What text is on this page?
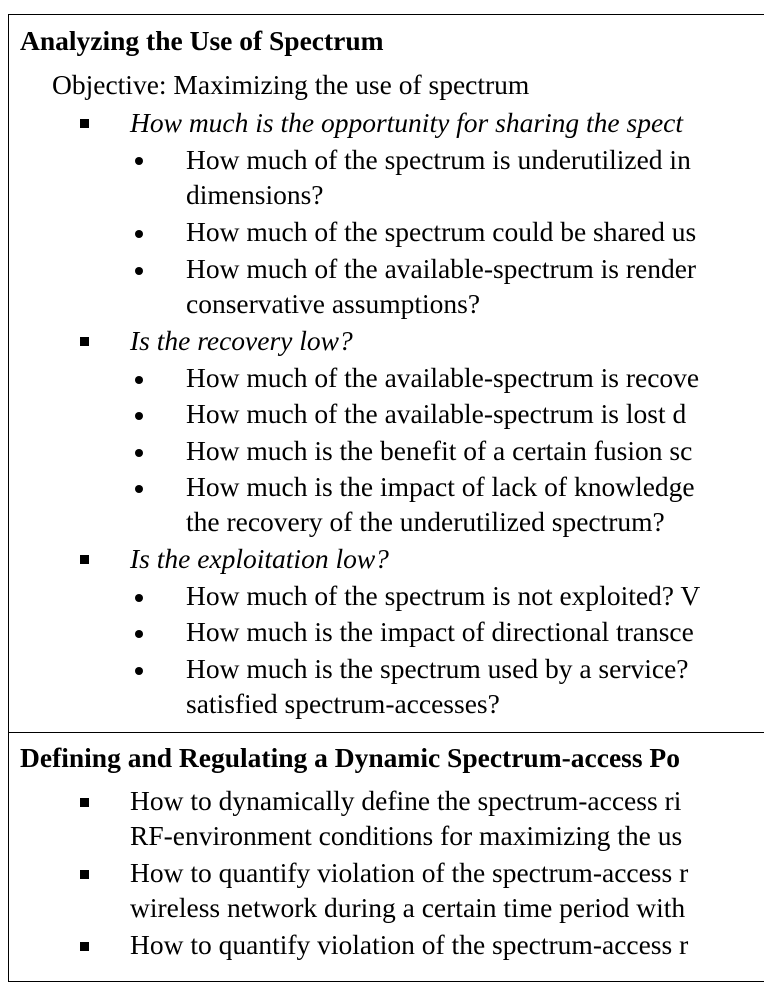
Analyzing the Use of Spectrum
Objective: Maximizing the use of spectrum
How much is the opportunity for sharing the spect
How much of the spectrum is underutilized in
dimensions?
How much of the spectrum could be shared us
How much of the available-spectrum is render
conservative assumptions?
Is the recovery low?
How much of the available-spectrum is recove
How much of the available-spectrum is lost d
How much is the benefit of a certain fusion sc
How much is the impact of lack of knowledge
the recovery of the underutilized spectrum?
Is the exploitation low?
How much of the spectrum is not exploited? V
How much is the impact of directional transce
How much is the spectrum used by a service?
satisfied spectrum-accesses?
Defining and Regulating a Dynamic Spectrum-access Po
How to dynamically define the spectrum-access ri
RF-environment conditions for maximizing the us
How to quantify violation of the spectrum-access r
wireless network during a certain time period with
How to quantify violation of the spectrum-access r
